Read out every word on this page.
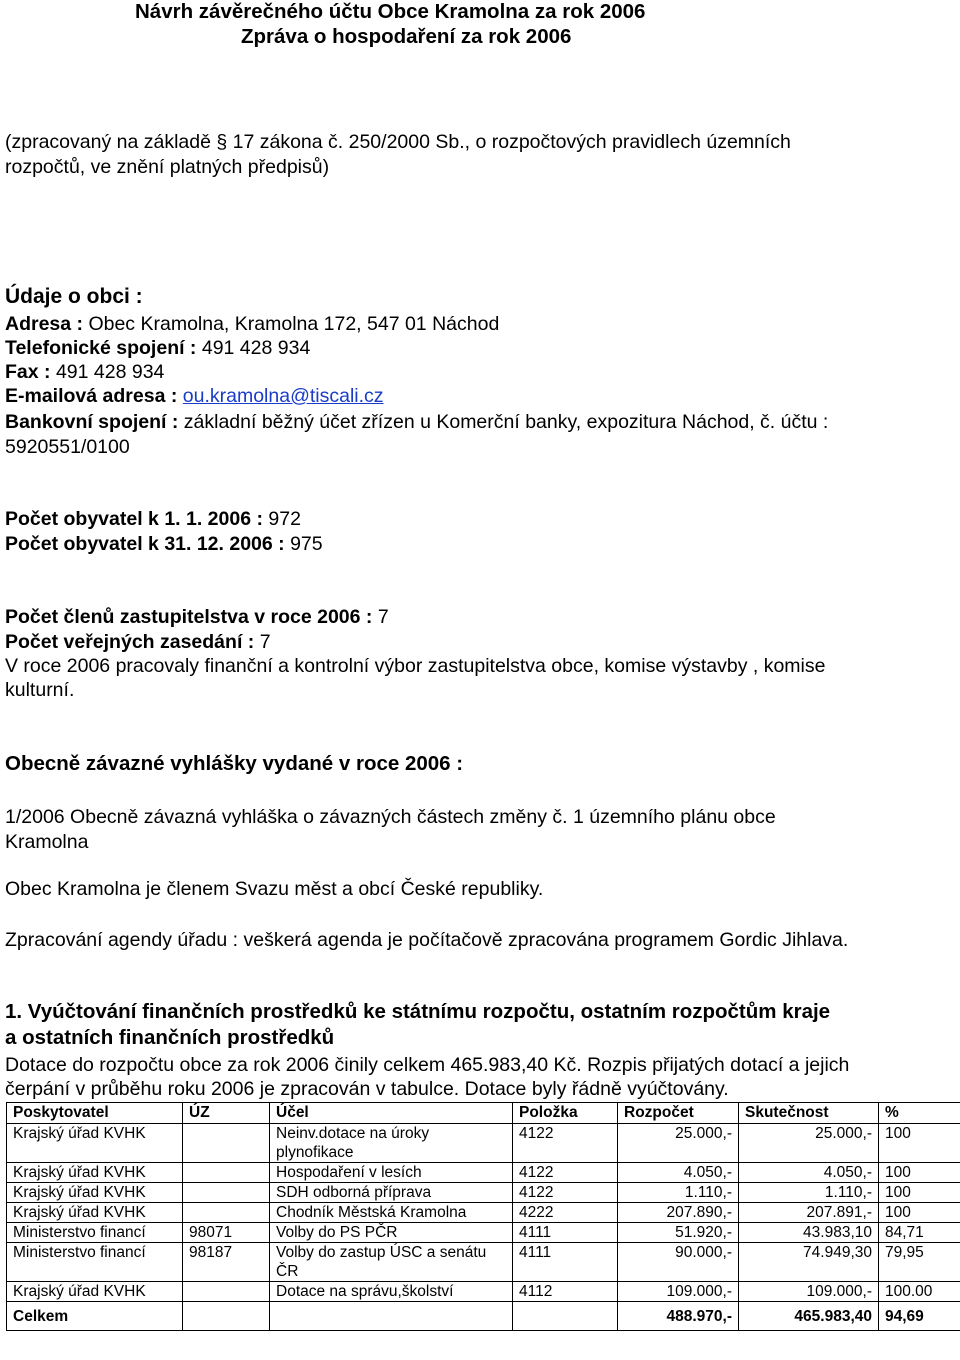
Návrh závěrečného účtu Obce Kramolna za rok 2006
Zpráva o hospodaření za rok 2006
(zpracovaný na základě § 17 zákona č. 250/2000 Sb., o rozpočtových pravidlech územních
rozpočtů, ve znění platných předpisů)
Údaje o obci :
Adresa : Obec Kramolna, Kramolna 172, 547 01 Náchod
Telefonické spojení : 491 428 934
Fax : 491 428 934
E-mailová adresa : ou.kramolna@tiscali.cz
Bankovní spojení : základní běžný účet zřízen u Komerční banky, expozitura Náchod, č. účtu :
5920551/0100
Počet obyvatel k 1. 1. 2006 : 972
Počet obyvatel k 31. 12. 2006 : 975
Počet členů zastupitelstva v roce 2006 : 7
Počet veřejných zasedání : 7
V roce 2006 pracovaly finanční a kontrolní výbor zastupitelstva obce, komise výstavby , komise
kulturní.
Obecně závazné vyhlášky vydané v roce 2006 :
1/2006 Obecně závazná vyhláška o závazných částech změny č. 1 územního plánu obce
Kramolna
Obec Kramolna je členem Svazu měst a obcí České republiky.
Zpracování agendy úřadu : veškerá agenda je počítačově zpracována programem Gordic Jihlava.
1. Vyúčtování finančních prostředků ke státnímu rozpočtu, ostatním rozpočtům kraje
a ostatních finančních prostředků
Dotace do rozpočtu obce za rok 2006 činily celkem 465.983,40 Kč. Rozpis přijatých dotací a jejich
čerpání v průběhu roku 2006 je zpracován v tabulce. Dotace byly řádně vyúčtovány.
Poskytovatel	ÚZ	Účel	Položka	Rozpočet	Skutečnost	%
Krajský úřad KVHK		Neinv.dotace na úroky plynofikace	4122	25.000,-	25.000,-	100
Krajský úřad KVHK		Hospodaření v lesích	4122	4.050,-	4.050,-	100
Krajský úřad KVHK		SDH odborná příprava	4122	1.110,-	1.110,-	100
Krajský úřad KVHK		Chodník Městská Kramolna	4222	207.890,-	207.891,-	100
Ministerstvo financí	98071	Volby do PS PČR	4111	51.920,-	43.983,10	84,71
Ministerstvo financí	98187	Volby do zastup ÚSC a senátu ČR	4111	90.000,-	74.949,30	79,95
Krajský úřad KVHK		Dotace na správu,školství	4112	109.000,-	109.000,-	100.00
Celkem				488.970,-	465.983,40	94,69
